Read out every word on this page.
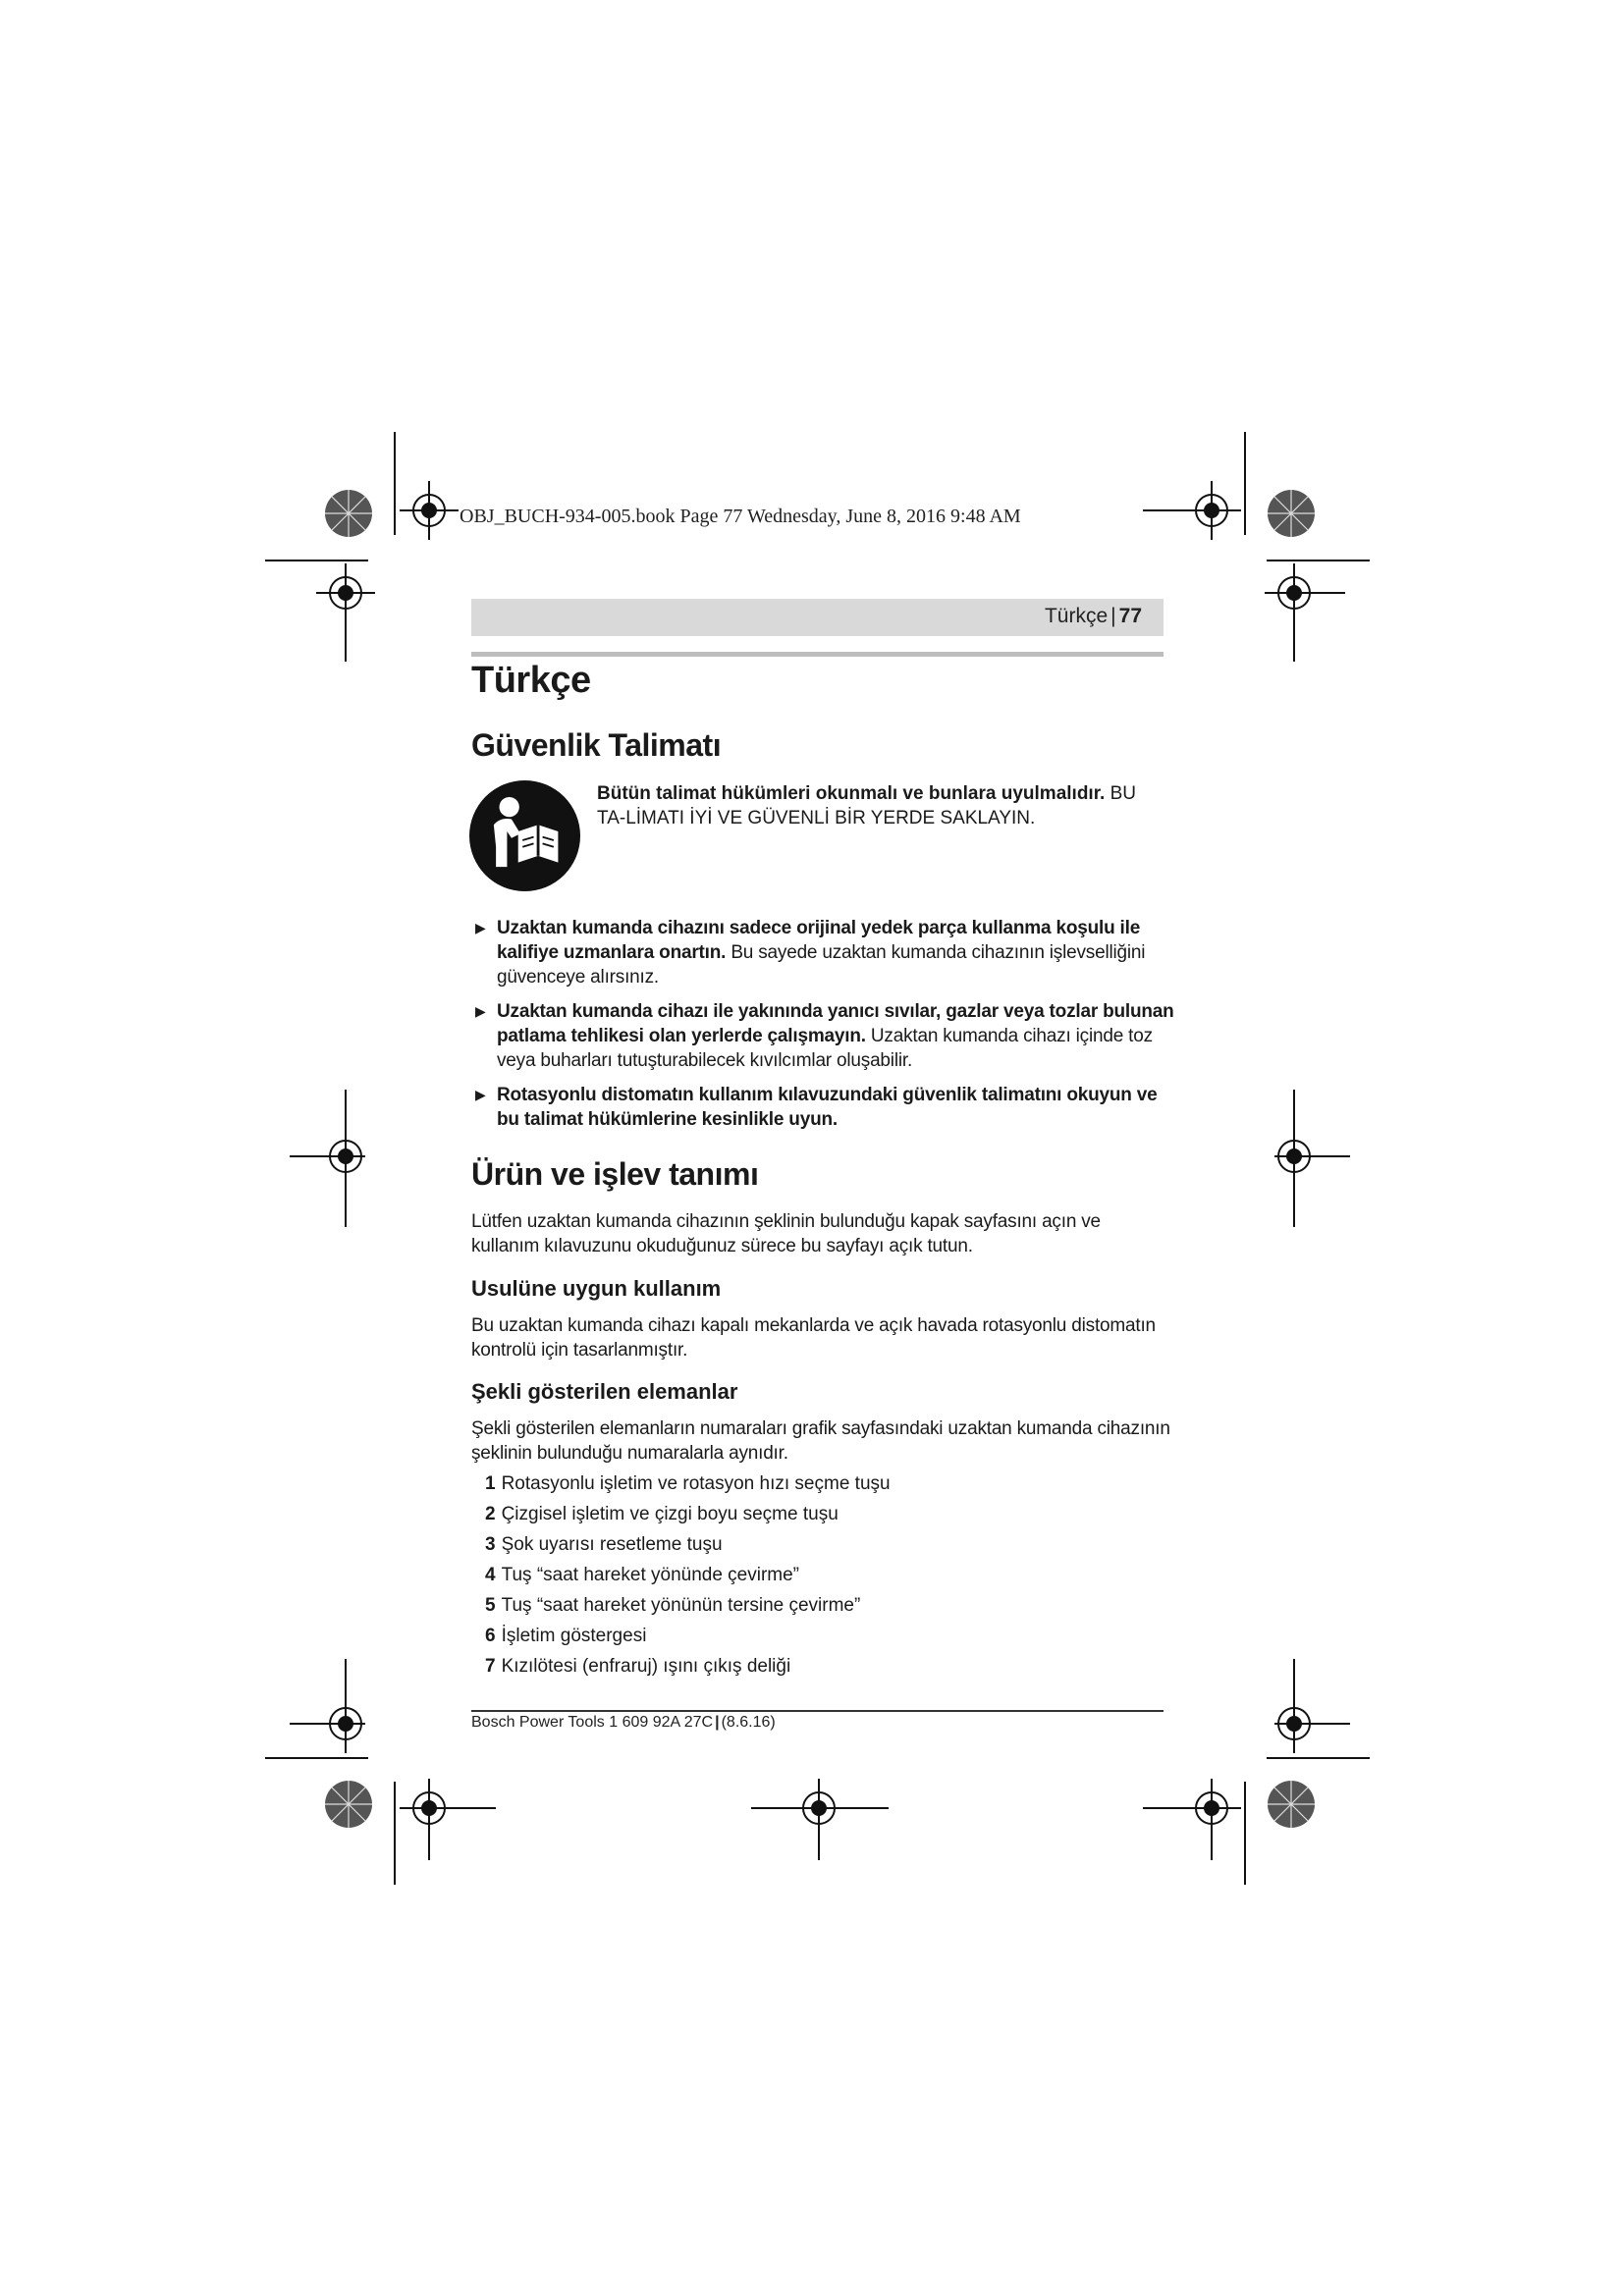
OBJ_BUCH-934-005.book Page 77 Wednesday, June 8, 2016 9:48 AM
Türkçe | 77
Türkçe
Güvenlik Talimatı
Bütün talimat hükümleri okunmalı ve bunlara uyulmalıdır. BU TA-LİMATI İYİ VE GÜVENLİ BİR YERDE SAKLAYIN.
▶ Uzaktan kumanda cihazını sadece orijinal yedek parça kullanma koşulu ile kalifiye uzmanlara onartın. Bu sayede uzaktan kumanda cihazının işlevselliğini güvenceye alırsınız.
▶ Uzaktan kumanda cihazı ile yakınında yanıcı sıvılar, gazlar veya tozlar bulunan patlama tehlikesi olan yerlerde çalışmayın. Uzaktan kumanda cihazı içinde toz veya buharları tutuşturabilecek kıvılcımlar oluşabilir.
▶ Rotasyonlu distomatın kullanım kılavuzundaki güvenlik talimatını okuyun ve bu talimat hükümlerine kesinlikle uyun.
Ürün ve işlev tanımı
Lütfen uzaktan kumanda cihazının şeklinin bulunduğu kapak sayfasını açın ve kullanım kılavuzunu okuduğunuz sürece bu sayfayı açık tutun.
Usulüne uygun kullanım
Bu uzaktan kumanda cihazı kapalı mekanlarda ve açık havada rotasyonlu distomatın kontrolü için tasarlanmıştır.
Şekli gösterilen elemanlar
Şekli gösterilen elemanların numaraları grafik sayfasındaki uzaktan kumanda cihazının şeklinin bulunduğu numaralarla aynıdır.
1 Rotasyonlu işletim ve rotasyon hızı seçme tuşu
2 Çizgisel işletim ve çizgi boyu seçme tuşu
3 Şok uyarısı resetleme tuşu
4 Tuş “saat hareket yönünde çevirme”
5 Tuş “saat hareket yönünün tersine çevirme”
6 İşletim göstergesi
7 Kızılötesi (enfraruj) ışını çıkış deliği
Bosch Power Tools 1 609 92A 27C | (8.6.16)
